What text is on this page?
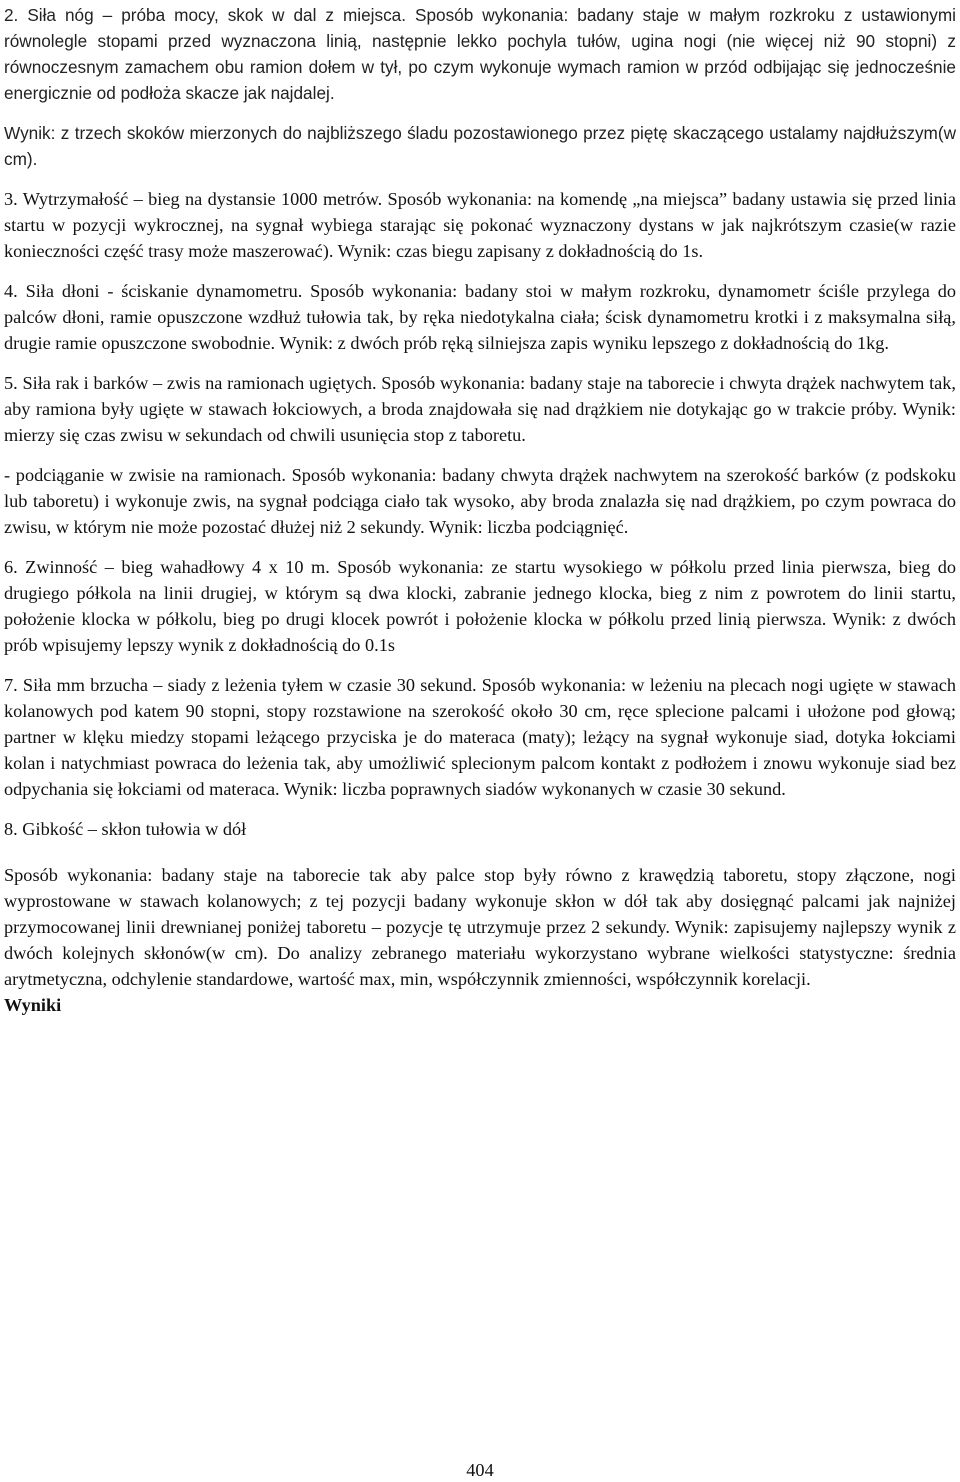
2. Siła nóg – próba mocy, skok w dal z miejsca. Sposób wykonania: badany staje w małym rozkroku z ustawionymi równolegle stopami przed wyznaczona linią, następnie lekko pochyla tułów, ugina nogi (nie więcej niż 90 stopni) z równoczesnym zamachem obu ramion dołem w tył, po czym wykonuje wymach ramion w przód odbijając się jednocześnie energicznie od podłoża skacze jak najdalej.

Wynik: z trzech skoków mierzonych do najbliższego śladu pozostawionego przez piętę skaczącego ustalamy najdłuższym(w cm).

3. Wytrzymałość – bieg na dystansie 1000 metrów. Sposób wykonania: na komendę „na miejsca” badany ustawia się przed linia startu w pozycji wykrocznej, na sygnał wybiega starając się pokonać wyznaczony dystans w jak najkrótszym czasie(w razie konieczności część trasy może maszerować). Wynik: czas biegu zapisany z dokładnością do 1s.

4. Siła dłoni - ściskanie dynamometru. Sposób wykonania: badany stoi w małym rozkroku, dynamometr ściśle przylega do palców dłoni, ramie opuszczone wzdłuż tułowia tak, by ręka niedotykalna ciała; ścisk dynamometru krotki i z maksymalna siłą, drugie ramie opuszczone swobodnie. Wynik: z dwóch prób ręką silniejsza zapis wyniku lepszego z dokładnością do 1kg.

5. Siła rak i barków – zwis na ramionach ugiętych. Sposób wykonania: badany staje na taborecie i chwyta drążek nachwytem tak, aby ramiona były ugięte w stawach łokciowych, a broda znajdowała się nad drążkiem nie dotykając go w trakcie próby. Wynik: mierzy się czas zwisu w sekundach od chwili usunięcia stop z taboretu.

- podciąganie w zwisie na ramionach. Sposób wykonania: badany chwyta drążek nachwytem na szerokość barków (z podskoku lub taboretu) i wykonuje zwis, na sygnał podciąga ciało tak wysoko, aby broda znalazła się nad drążkiem, po czym powraca do zwisu, w którym nie może pozostać dłużej niż 2 sekundy. Wynik: liczba podciągnięć.

6. Zwinność – bieg wahadłowy 4 x 10 m. Sposób wykonania: ze startu wysokiego w półkolu przed linia pierwsza, bieg do drugiego półkola na linii drugiej, w którym są dwa klocki, zabranie jednego klocka, bieg z nim z powrotem do linii startu, położenie klocka w półkolu, bieg po drugi klocek powrót i położenie klocka w półkolu przed linią pierwsza. Wynik: z dwóch prób wpisujemy lepszy wynik z dokładnością do 0.1s

7. Siła mm brzucha – siady z leżenia tyłem w czasie 30 sekund. Sposób wykonania: w leżeniu na plecach nogi ugięte w stawach kolanowych pod katem 90 stopni, stopy rozstawione na szerokość około 30 cm, ręce splecione palcami i ułożone pod głową; partner w klęku miedzy stopami leżącego przyciska je do materaca (maty); leżący na sygnał wykonuje siad, dotyka łokciami kolan i natychmiast powraca do leżenia tak, aby umożliwić splecionym palcom kontakt z podłożem i znowu wykonuje siad bez odpychania się łokciami od materaca. Wynik: liczba poprawnych siadów wykonanych w czasie 30 sekund.

8. Gibkość – skłon tułowia w dół

Sposób wykonania: badany staje na taborecie tak aby palce stop były równo z krawędzią taboretu, stopy złączone, nogi wyprostowane w stawach kolanowych; z tej pozycji badany wykonuje skłon w dół tak aby dosięgnąć palcami jak najniżej przymocowanej linii drewnianej poniżej taboretu – pozycje tę utrzymuje przez 2 sekundy. Wynik: zapisujemy najlepszy wynik z dwóch kolejnych skłonów(w cm). Do analizy zebranego materiału wykorzystano wybrane wielkości statystyczne: średnia arytmetyczna, odchylenie standardowe, wartość max, min, współczynnik zmienności, współczynnik korelacji.

Wyniki

404
